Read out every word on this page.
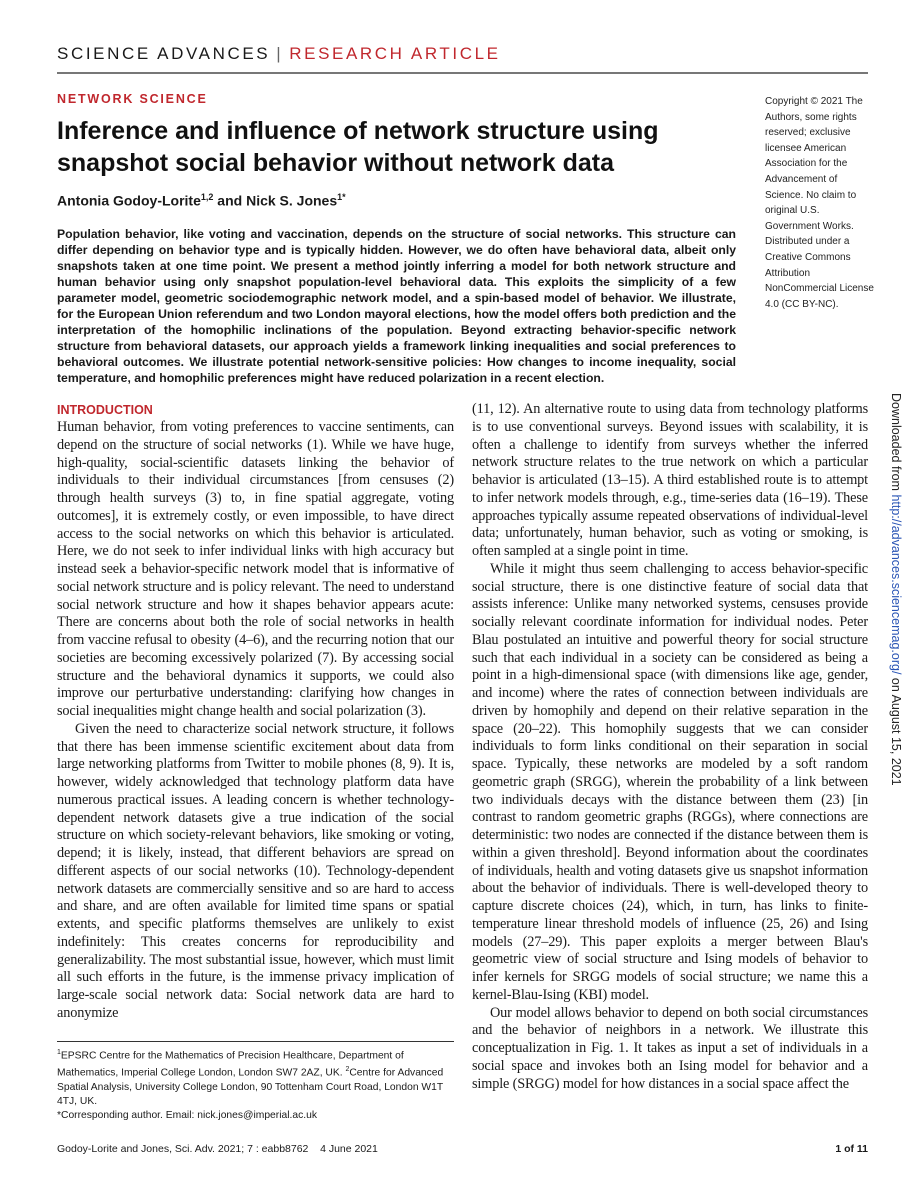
SCIENCE ADVANCES | RESEARCH ARTICLE
NETWORK SCIENCE
Inference and influence of network structure using snapshot social behavior without network data
Antonia Godoy-Lorite$^{1,2}$ and Nick S. Jones$^{1*}$
Copyright © 2021 The Authors, some rights reserved; exclusive licensee American Association for the Advancement of Science. No claim to original U.S. Government Works. Distributed under a Creative Commons Attribution NonCommercial License 4.0 (CC BY-NC).
Downloaded from http://advances.sciencemag.org/ on August 15, 2021

Population behavior, like voting and vaccination, depends on the structure of social networks. This structure can differ depending on behavior type and is typically hidden. However, we do often have behavioral data, albeit only snapshots taken at one time point. We present a method jointly inferring a model for both network structure and human behavior using only snapshot population-level behavioral data. This exploits the simplicity of a few parameter model, geometric sociodemographic network model, and a spin-based model of behavior. We illustrate, for the European Union referendum and two London mayoral elections, how the model offers both prediction and the interpretation of the homophilic inclinations of the population. Beyond extracting behavior-specific network structure from behavioral datasets, our approach yields a framework linking inequalities and social preferences to behavioral outcomes. We illustrate potential network-sensitive policies: How changes to income inequality, social temperature, and homophilic preferences might have reduced polarization in a recent election.

INTRODUCTION

Human behavior, from voting preferences to vaccine sentiments, can depend on the structure of social networks (1). While we have huge, high-quality, social-scientific datasets linking the behavior of individuals to their individual circumstances [from censuses (2) through health surveys (3) to, in fine spatial aggregate, voting outcomes], it is extremely costly, or even impossible, to have direct access to the social networks on which this behavior is articulated. Here, we do not seek to infer individual links with high accuracy but instead seek a behavior-specific network model that is informative of social network structure and is policy relevant. The need to understand social network structure and how it shapes behavior appears acute: There are concerns about both the role of social networks in health from vaccine refusal to obesity (4–6), and the recurring notion that our societies are becoming excessively polarized (7). By accessing social structure and the behavioral dynamics it supports, we could also improve our perturbative understanding: clarifying how changes in social inequalities might change health and social polarization (3).

Given the need to characterize social network structure, it follows that there has been immense scientific excitement about data from large networking platforms from Twitter to mobile phones (8, 9). It is, however, widely acknowledged that technology platform data have numerous practical issues. A leading concern is whether technology-dependent network datasets give a true indication of the social structure on which society-relevant behaviors, like smoking or voting, depend; it is likely, instead, that different behaviors are spread on different aspects of our social networks (10). Technology-dependent network datasets are commercially sensitive and so are hard to access and share, and are often available for limited time spans or spatial extents, and specific platforms themselves are unlikely to exist indefinitely: This creates concerns for reproducibility and generalizability. The most substantial issue, however, which must limit all such efforts in the future, is the immense privacy implication of large-scale social network data: Social network data are hard to anonymize

$^1$EPSRC Centre for the Mathematics of Precision Healthcare, Department of Mathematics, Imperial College London, London SW7 2AZ, UK. $^2$Centre for Advanced Spatial Analysis, University College London, 90 Tottenham Court Road, London W1T 4TJ, UK.
*Corresponding author. Email: nick.jones@imperial.ac.uk

(11, 12). An alternative route to using data from technology platforms is to use conventional surveys. Beyond issues with scalability, it is often a challenge to identify from surveys whether the inferred network structure relates to the true network on which a particular behavior is articulated (13–15). A third established route is to attempt to infer network models through, e.g., time-series data (16–19). These approaches typically assume repeated observations of individual-level data; unfortunately, human behavior, such as voting or smoking, is often sampled at a single point in time.

While it might thus seem challenging to access behavior-specific social structure, there is one distinctive feature of social data that assists inference: Unlike many networked systems, censuses provide socially relevant coordinate information for individual nodes. Peter Blau postulated an intuitive and powerful theory for social structure such that each individual in a society can be considered as being a point in a high-dimensional space (with dimensions like age, gender, and income) where the rates of connection between individuals are driven by homophily and depend on their relative separation in the space (20–22). This homophily suggests that we can consider individuals to form links conditional on their separation in social space. Typically, these networks are modeled by a soft random geometric graph (SRGG), wherein the probability of a link between two individuals decays with the distance between them (23) [in contrast to random geometric graphs (RGGs), where connections are deterministic: two nodes are connected if the distance between them is within a given threshold]. Beyond information about the coordinates of individuals, health and voting datasets give us snapshot information about the behavior of individuals. There is well-developed theory to capture discrete choices (24), which, in turn, has links to finite-temperature linear threshold models of influence (25, 26) and Ising models (27–29). This paper exploits a merger between Blau's geometric view of social structure and Ising models of behavior to infer kernels for SRGG models of social structure; we name this a kernel-Blau-Ising (KBI) model.

Our model allows behavior to depend on both social circumstances and the behavior of neighbors in a network. We illustrate this conceptualization in Fig. 1. It takes as input a set of individuals in a social space and invokes both an Ising model for behavior and a simple (SRGG) model for how distances in a social space affect the

Godoy-Lorite and Jones, Sci. Adv. 2021; 7 : eabb8762    4 June 2021	1 of 11
